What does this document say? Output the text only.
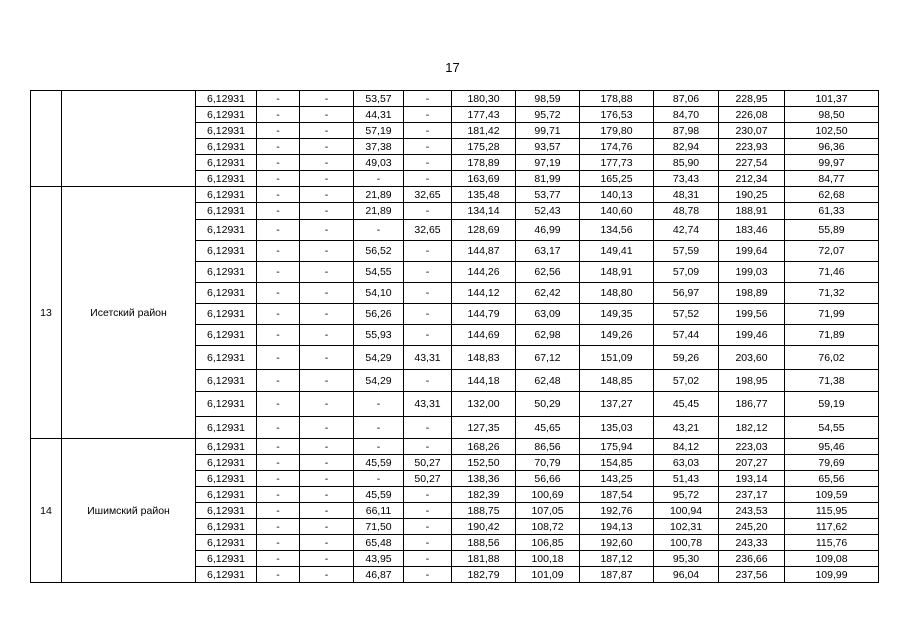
17
		6,12931	-	-	53,57	-	180,30	98,59	178,88	87,06	228,95	101,37
		6,12931	-	-	44,31	-	177,43	95,72	176,53	84,70	226,08	98,50
		6,12931	-	-	57,19	-	181,42	99,71	179,80	87,98	230,07	102,50
		6,12931	-	-	37,38	-	175,28	93,57	174,76	82,94	223,93	96,36
		6,12931	-	-	49,03	-	178,89	97,19	177,73	85,90	227,54	99,97
		6,12931	-	-	-	-	163,69	81,99	165,25	73,43	212,34	84,77
13	Исетский район	6,12931	-	-	21,89	32,65	135,48	53,77	140,13	48,31	190,25	62,68
		6,12931	-	-	21,89	-	134,14	52,43	140,60	48,78	188,91	61,33
		6,12931	-	-	-	32,65	128,69	46,99	134,56	42,74	183,46	55,89
		6,12931	-	-	56,52	-	144,87	63,17	149,41	57,59	199,64	72,07
		6,12931	-	-	54,55	-	144,26	62,56	148,91	57,09	199,03	71,46
		6,12931	-	-	54,10	-	144,12	62,42	148,80	56,97	198,89	71,32
		6,12931	-	-	56,26	-	144,79	63,09	149,35	57,52	199,56	71,99
		6,12931	-	-	55,93	-	144,69	62,98	149,26	57,44	199,46	71,89
		6,12931	-	-	54,29	43,31	148,83	67,12	151,09	59,26	203,60	76,02
		6,12931	-	-	54,29	-	144,18	62,48	148,85	57,02	198,95	71,38
		6,12931	-	-	-	43,31	132,00	50,29	137,27	45,45	186,77	59,19
		6,12931	-	-	-	-	127,35	45,65	135,03	43,21	182,12	54,55
14	Ишимский район	6,12931	-	-	-	-	168,26	86,56	175,94	84,12	223,03	95,46
		6,12931	-	-	45,59	50,27	152,50	70,79	154,85	63,03	207,27	79,69
		6,12931	-	-	-	50,27	138,36	56,66	143,25	51,43	193,14	65,56
		6,12931	-	-	45,59	-	182,39	100,69	187,54	95,72	237,17	109,59
		6,12931	-	-	66,11	-	188,75	107,05	192,76	100,94	243,53	115,95
		6,12931	-	-	71,50	-	190,42	108,72	194,13	102,31	245,20	117,62
		6,12931	-	-	65,48	-	188,56	106,85	192,60	100,78	243,33	115,76
		6,12931	-	-	43,95	-	181,88	100,18	187,12	95,30	236,66	109,08
		6,12931	-	-	46,87	-	182,79	101,09	187,87	96,04	237,56	109,99
